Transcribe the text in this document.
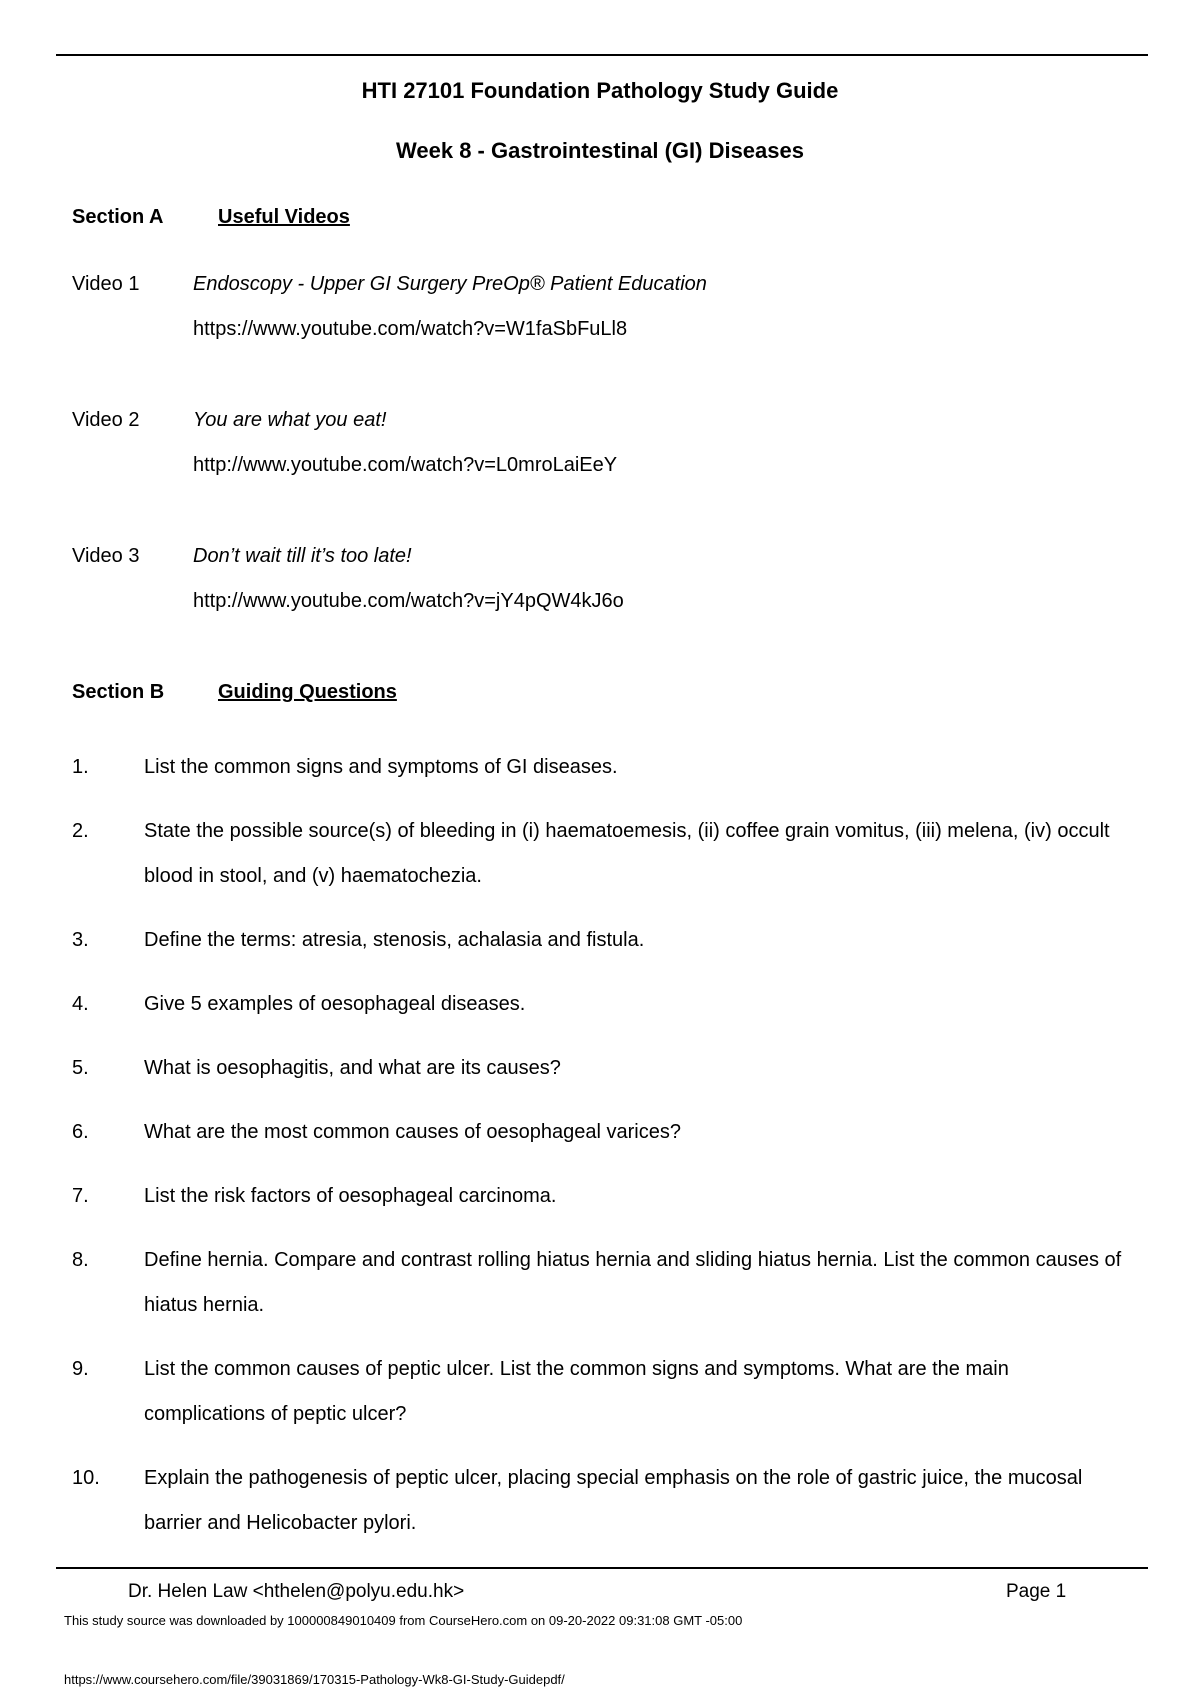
HTI 27101 Foundation Pathology Study Guide
Week 8 - Gastrointestinal (GI) Diseases
Section A	Useful Videos
Video 1	Endoscopy - Upper GI Surgery PreOp® Patient Education
https://www.youtube.com/watch?v=W1faSbFuLl8
Video 2	You are what you eat!
http://www.youtube.com/watch?v=L0mroLaiEeY
Video 3	Don’t wait till it’s too late!
http://www.youtube.com/watch?v=jY4pQW4kJ6o
Section B	Guiding Questions
1.	List the common signs and symptoms of GI diseases.
2.	State the possible source(s) of bleeding in (i) haematoemesis, (ii) coffee grain vomitus, (iii) melena, (iv) occult blood in stool, and (v) haematochezia.
3.	Define the terms: atresia, stenosis, achalasia and fistula.
4.	Give 5 examples of oesophageal diseases.
5.	What is oesophagitis, and what are its causes?
6.	What are the most common causes of oesophageal varices?
7.	List the risk factors of oesophageal carcinoma.
8.	Define hernia. Compare and contrast rolling hiatus hernia and sliding hiatus hernia. List the common causes of hiatus hernia.
9.	List the common causes of peptic ulcer. List the common signs and symptoms. What are the main complications of peptic ulcer?
10. Explain the pathogenesis of peptic ulcer, placing special emphasis on the role of gastric juice, the mucosal barrier and Helicobacter pylori.
Dr. Helen Law <hthelen@polyu.edu.hk>	Page 1
This study source was downloaded by 100000849010409 from CourseHero.com on 09-20-2022 09:31:08 GMT -05:00
https://www.coursehero.com/file/39031869/170315-Pathology-Wk8-GI-Study-Guidepdf/
